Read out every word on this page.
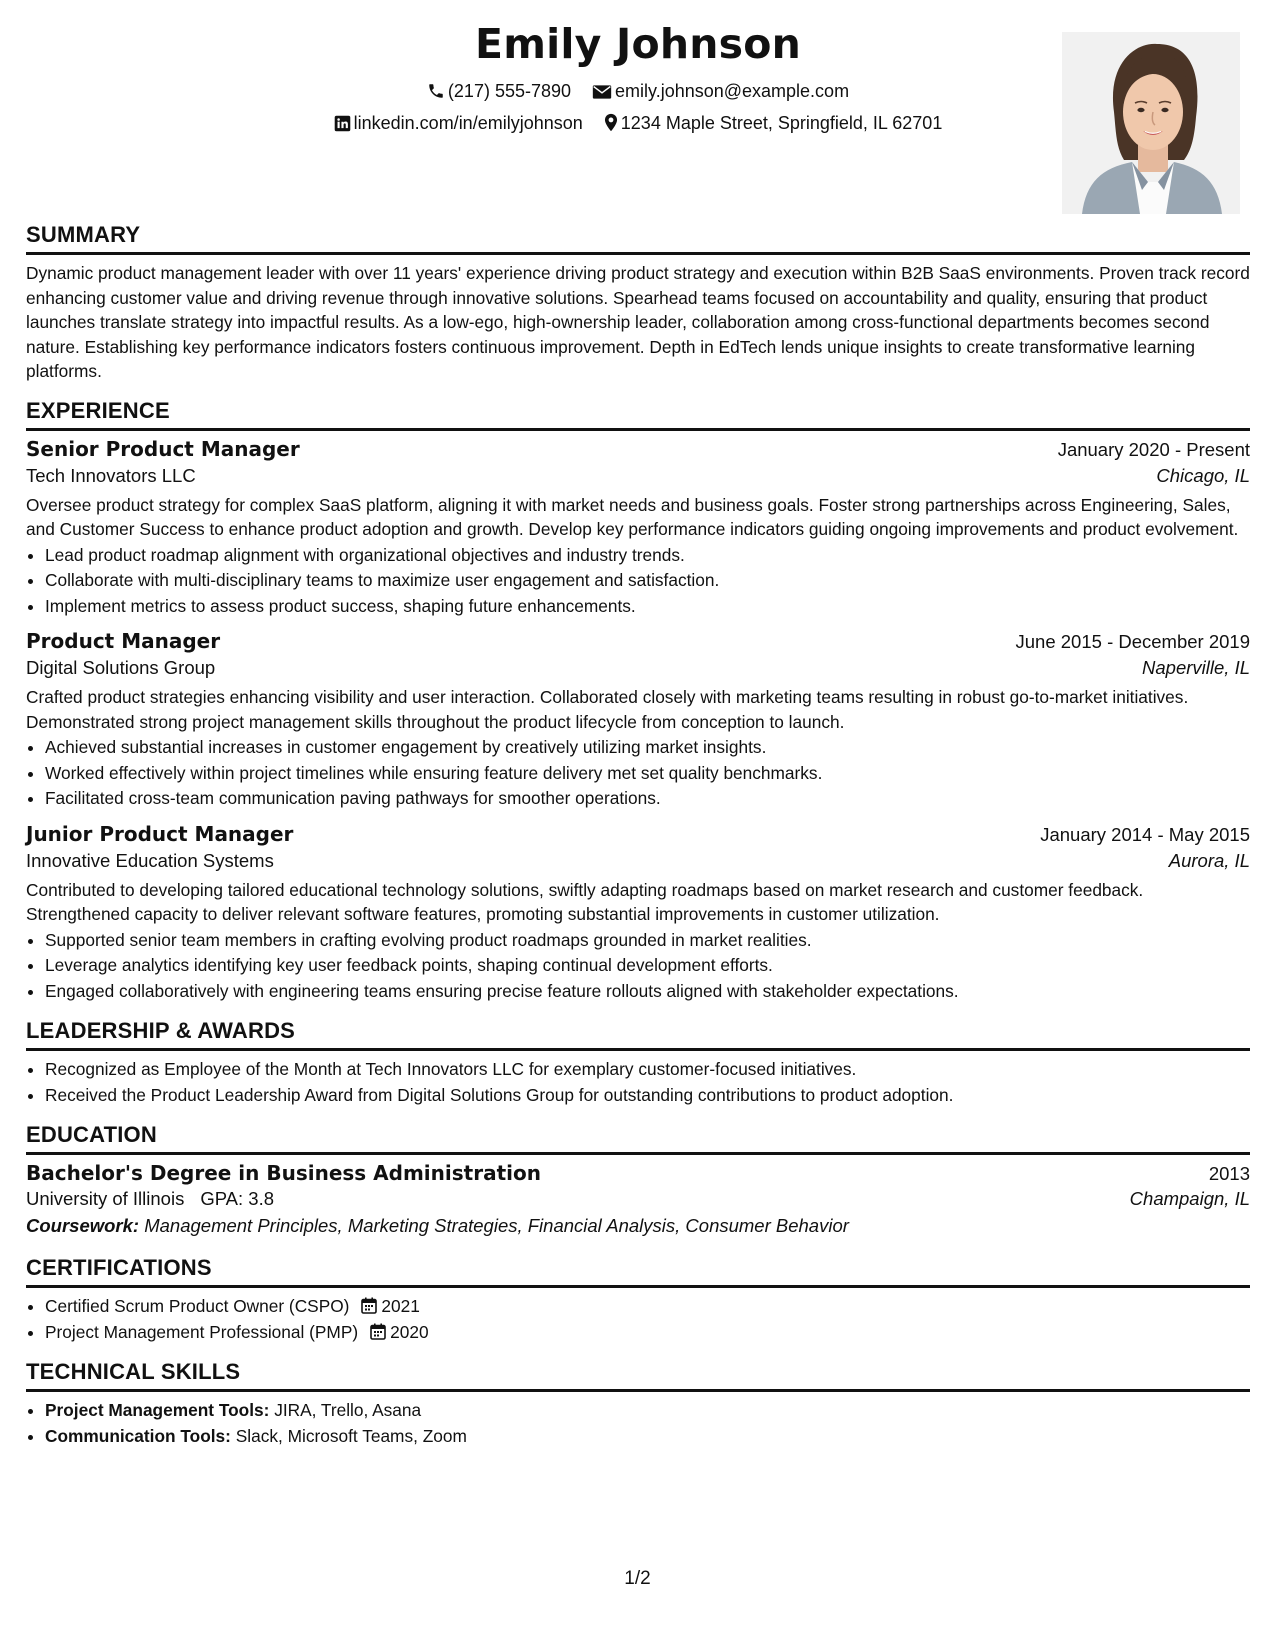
Emily Johnson
(217) 555-7890 emily.johnson@example.com
linkedin.com/in/emilyjohnson 1234 Maple Street, Springfield, IL 62701
SUMMARY

Dynamic product management leader with over 11 years' experience driving product strategy and execution within B2B SaaS environments. Proven track record enhancing customer value and driving revenue through innovative solutions. Spearhead teams focused on accountability and quality, ensuring that product launches translate strategy into impactful results. As a low-ego, high-ownership leader, collaboration among cross-functional departments becomes second nature. Establishing key performance indicators fosters continuous improvement. Depth in EdTech lends unique insights to create transformative learning platforms.

EXPERIENCE
Senior Product Manager	January 2020 - Present
Tech Innovators LLC	Chicago, IL

Oversee product strategy for complex SaaS platform, aligning it with market needs and business goals. Foster strong partnerships across Engineering, Sales, and Customer Success to enhance product adoption and growth. Develop key performance indicators guiding ongoing improvements and product evolvement.

• Lead product roadmap alignment with organizational objectives and industry trends.
• Collaborate with multi-disciplinary teams to maximize user engagement and satisfaction.
• Implement metrics to assess product success, shaping future enhancements.
Product Manager	June 2015 - December 2019
Digital Solutions Group	Naperville, IL

Crafted product strategies enhancing visibility and user interaction. Collaborated closely with marketing teams resulting in robust go-to-market initiatives. Demonstrated strong project management skills throughout the product lifecycle from conception to launch.

• Achieved substantial increases in customer engagement by creatively utilizing market insights.
• Worked effectively within project timelines while ensuring feature delivery met set quality benchmarks.
• Facilitated cross-team communication paving pathways for smoother operations.
Junior Product Manager	January 2014 - May 2015
Innovative Education Systems	Aurora, IL

Contributed to developing tailored educational technology solutions, swiftly adapting roadmaps based on market research and customer feedback. Strengthened capacity to deliver relevant software features, promoting substantial improvements in customer utilization.

• Supported senior team members in crafting evolving product roadmaps grounded in market realities.
• Leverage analytics identifying key user feedback points, shaping continual development efforts.
• Engaged collaboratively with engineering teams ensuring precise feature rollouts aligned with stakeholder expectations.
LEADERSHIP & AWARDS
• Recognized as Employee of the Month at Tech Innovators LLC for exemplary customer-focused initiatives.
• Received the Product Leadership Award from Digital Solutions Group for outstanding contributions to product adoption.
EDUCATION
Bachelor's Degree in Business Administration	2013
University of Illinois GPA: 3.8	Champaign, IL
Coursework: Management Principles, Marketing Strategies, Financial Analysis, Consumer Behavior
CERTIFICATIONS
• Certified Scrum Product Owner (CSPO) 2021
• Project Management Professional (PMP) 2020
TECHNICAL SKILLS
• Project Management Tools: JIRA, Trello, Asana
• Communication Tools: Slack, Microsoft Teams, Zoom
1/2
